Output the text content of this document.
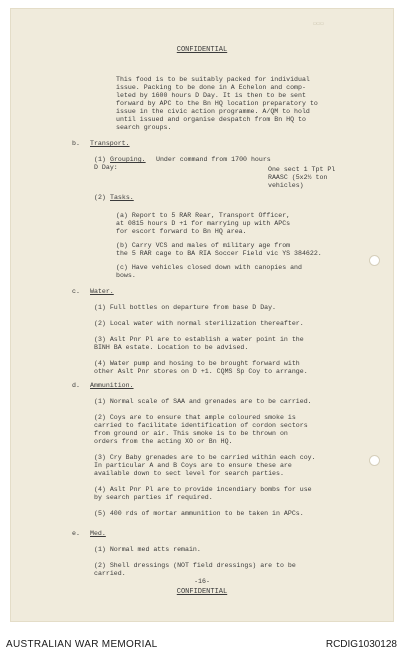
▭▭▭
CONFIDENTIAL
This food is to be suitably packed for individual
issue. Packing to be done in A Echelon and comp-
leted by 1600 hours D Day. It is then to be sent
forward by APC to the Bn HQ location preparatory to
issue in the civic action programme. A/QM to hold
until issued and organise despatch from Bn HQ to
search groups.
b. Transport.
(1) Grouping. Under command from 1700 hours
D Day:	One sect 1 Tpt Pl
RAASC (5x2½ ton
vehicles)
(2) Tasks.
(a) Report to 5 RAR Rear, Transport Officer,
at 0815 hours D +1 for marrying up with APCs
for escort forward to Bn HQ area.
(b) Carry VCS and males of military age from
the 5 RAR cage to BA RIA Soccer Field vic YS 384622.
(c) Have vehicles closed down with canopies and
bows.
c. Water.
(1) Full bottles on departure from base D Day.
(2) Local water with normal sterilization thereafter.
(3) Aslt Pnr Pl are to establish a water point in the
BINH BA estate. Location to be advised.
(4) Water pump and hosing to be brought forward with
other Aslt Pnr stores on D +1. CQMS Sp Coy to arrange.
d. Ammunition.
(1) Normal scale of SAA and grenades are to be carried.
(2) Coys are to ensure that ample coloured smoke is
carried to facilitate identification of cordon sectors
from ground or air. This smoke is to be thrown on
orders from the acting XO or Bn HQ.
(3) Cry Baby grenades are to be carried within each coy.
In particular A and B Coys are to ensure these are
available down to sect level for search parties.
(4) Aslt Pnr Pl are to provide incendiary bombs for use
by search parties if required.
(5) 400 rds of mortar ammunition to be taken in APCs.
e. Med.
(1) Normal med atts remain.
(2) Shell dressings (NOT field dressings) are to be
carried.
-16-
CONFIDENTIAL
AUSTRALIAN WAR MEMORIAL	RCDIG1030128
